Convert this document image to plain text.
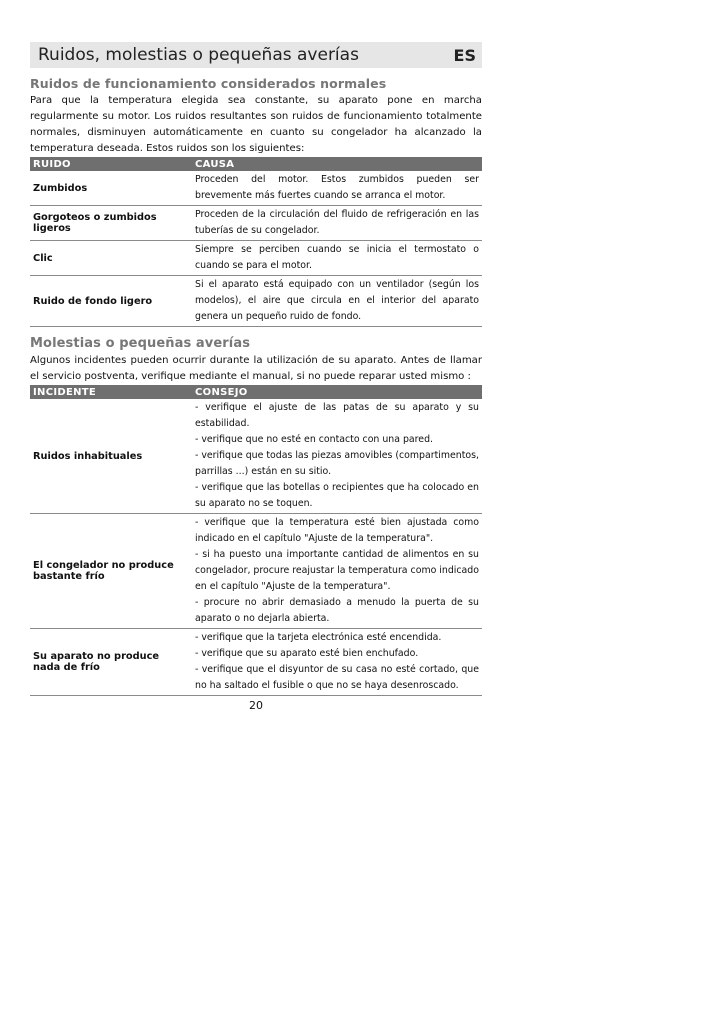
Ruidos, molestias o pequeñas averías	ES
Ruidos de funcionamiento considerados normales

Para que la temperatura elegida sea constante, su aparato pone en marcha regularmente su motor. Los ruidos resultantes son ruidos de funcionamiento totalmente normales, disminuyen automáticamente en cuanto su congelador ha alcanzado la temperatura deseada. Estos ruidos son los siguientes:

RUIDO	CAUSA
Zumbidos	Proceden del motor. Estos zumbidos pueden ser brevemente más fuertes cuando se arranca el motor.
Gorgoteos o zumbidos ligeros	Proceden de la circulación del fluido de refrigeración en las tuberías de su congelador.
Clic	Siempre se perciben cuando se inicia el termostato o cuando se para el motor.
Ruido de fondo ligero	Si el aparato está equipado con un ventilador (según los modelos), el aire que circula en el interior del aparato genera un pequeño ruido de fondo.
Molestias o pequeñas averías

Algunos incidentes pueden ocurrir durante la utilización de su aparato. Antes de llamar el servicio postventa, verifique mediante el manual, si no puede reparar usted mismo :

INCIDENTE	CONSEJO
Ruidos inhabituales	- verifique el ajuste de las patas de su aparato y su estabilidad.
- verifique que no esté en contacto con una pared.
- verifique que todas las piezas amovibles (compartimentos, parrillas ...) están en su sitio.
- verifique que las botellas o recipientes que ha colocado en su aparato no se toquen.

El congelador no produce bastante frío	- verifique que la temperatura esté bien ajustada como indicado en el capítulo "Ajuste de la temperatura".
- si ha puesto una importante cantidad de alimentos en su congelador, procure reajustar la temperatura como indicado en el capítulo "Ajuste de la temperatura".
- procure no abrir demasiado a menudo la puerta de su aparato o no dejarla abierta.

Su aparato no produce nada de frío	- verifique que la tarjeta electrónica esté encendida.
- verifique que su aparato esté bien enchufado.
- verifique que el disyuntor de su casa no esté cortado, que no ha saltado el fusible o que no se haya desenroscado.
20
